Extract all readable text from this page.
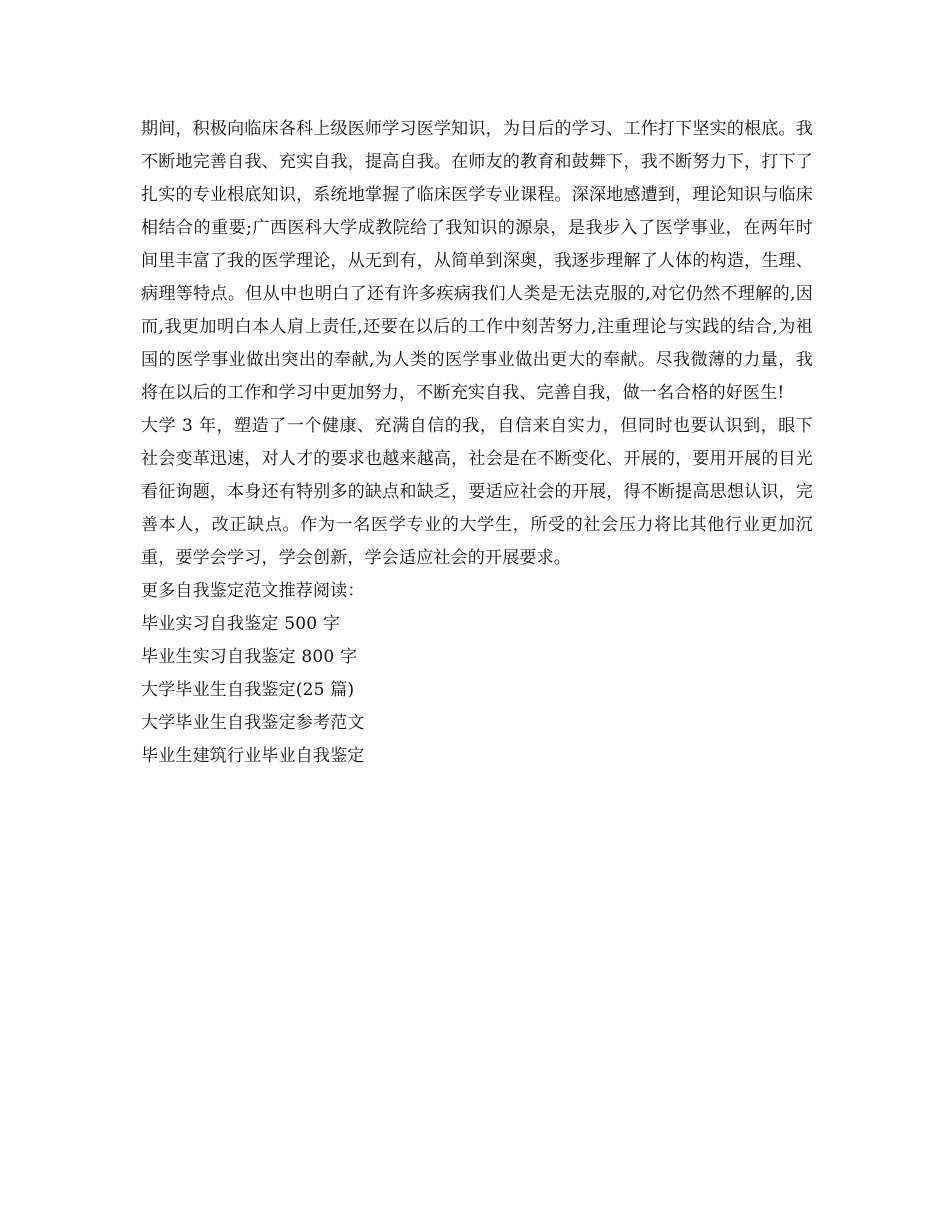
期间，积极向临床各科上级医师学习医学知识，为日后的学习、工作打下坚实的根底。我不断地完善自我、充实自我，提高自我。在师友的教育和鼓舞下，我不断努力下，打下了扎实的专业根底知识，系统地掌握了临床医学专业课程。深深地感遭到，理论知识与临床相结合的重要;广西医科大学成教院给了我知识的源泉，是我步入了医学事业，在两年时间里丰富了我的医学理论，从无到有，从简单到深奥，我逐步理解了人体的构造，生理、病理等特点。但从中也明白了还有许多疾病我们人类是无法克服的,对它仍然不理解的,因而,我更加明白本人肩上责任,还要在以后的工作中刻苦努力,注重理论与实践的结合,为祖国的医学事业做出突出的奉献,为人类的医学事业做出更大的奉献。尽我微薄的力量，我将在以后的工作和学习中更加努力，不断充实自我、完善自我，做一名合格的好医生!

大学 3 年，塑造了一个健康、充满自信的我，自信来自实力，但同时也要认识到，眼下社会变革迅速，对人才的要求也越来越高，社会是在不断变化、开展的，要用开展的目光看征询题，本身还有特别多的缺点和缺乏，要适应社会的开展，得不断提高思想认识，完善本人，改正缺点。作为一名医学专业的大学生，所受的社会压力将比其他行业更加沉重，要学会学习，学会创新，学会适应社会的开展要求。

更多自我鉴定范文推荐阅读：

毕业实习自我鉴定 500 字
毕业生实习自我鉴定 800 字
大学毕业生自我鉴定(25 篇)
大学毕业生自我鉴定参考范文
毕业生建筑行业毕业自我鉴定
